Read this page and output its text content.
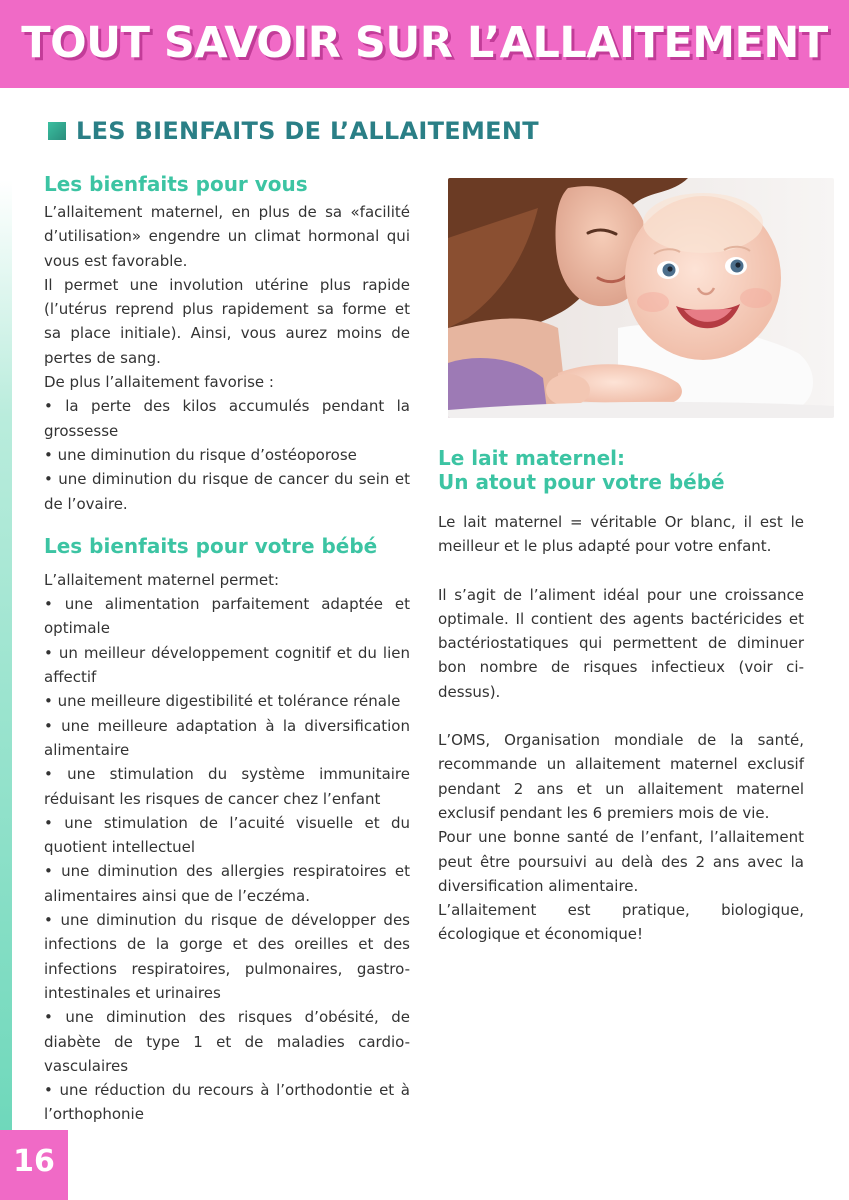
TOUT SAVOIR SUR L’ALLAITEMENT
LES BIENFAITS DE L’ALLAITEMENT
Les bienfaits pour vous

L’allaitement maternel, en plus de sa «facilité d’utilisation» engendre un climat hormonal qui vous est favorable.

Il permet une involution utérine plus rapide (l’utérus reprend plus rapidement sa forme et sa place initiale). Ainsi, vous aurez moins de pertes de sang.

De plus l’allaitement favorise :

• la perte des kilos accumulés pendant la grossesse

• une diminution du risque d’ostéoporose

• une diminution du risque de cancer du sein et de l’ovaire.

Les bienfaits pour votre bébé

L’allaitement maternel permet:

• une alimentation parfaitement adaptée et optimale

• un meilleur développement cognitif et du lien affectif

• une meilleure digestibilité et tolérance rénale

• une meilleure adaptation à la diversification alimentaire

• une stimulation du système immunitaire réduisant les risques de cancer chez l’enfant

• une stimulation de l’acuité visuelle et du quotient intellectuel

• une diminution des allergies respiratoires et alimentaires ainsi que de l’eczéma.

• une diminution du risque de développer des infections de la gorge et des oreilles et des infections respiratoires, pulmonaires, gastro-intestinales et urinaires

• une diminution des risques d’obésité, de diabète de type 1 et de maladies cardio-vasculaires

• une réduction du recours à l’orthodontie et à l’orthophonie

Le lait maternel:
Un atout pour votre bébé

Le lait maternel = véritable Or blanc, il est le meilleur et le plus adapté pour votre enfant.

Il s’agit de l’aliment idéal pour une croissance optimale. Il contient des agents bactéricides et bactériostatiques qui permettent de diminuer bon nombre de risques infectieux (voir ci-dessus).

L’OMS, Organisation mondiale de la santé, recommande un allaitement maternel exclusif pendant 2 ans et un allaitement maternel exclusif pendant les 6 premiers mois de vie.

Pour une bonne santé de l’enfant, l’allaitement peut être poursuivi au delà des 2 ans avec la diversification alimentaire.

L’allaitement est pratique, biologique, écologique et économique!

16
